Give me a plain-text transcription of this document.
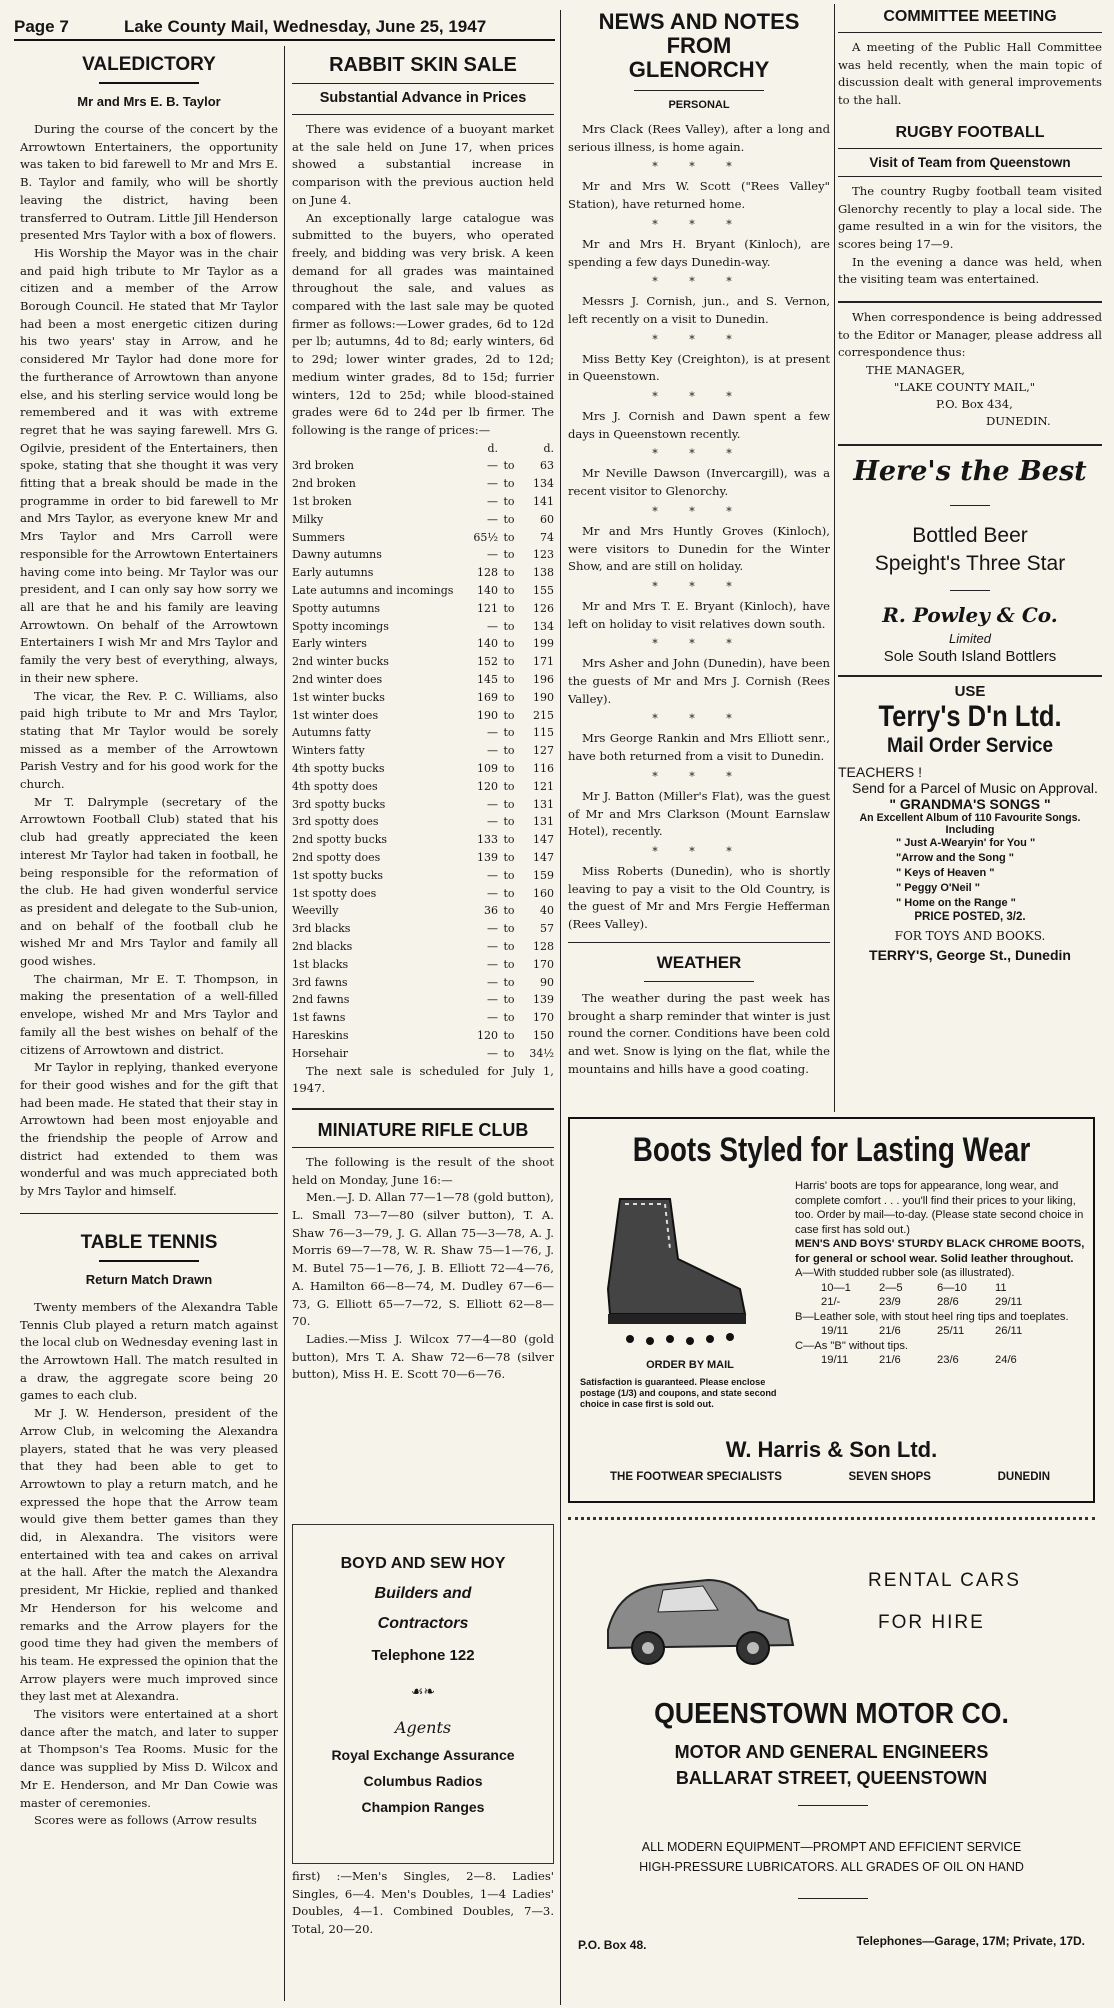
Page 7	Lake County Mail, Wednesday, June 25, 1947
VALEDICTORY
Mr and Mrs E. B. Taylor

During the course of the concert by the Arrowtown Entertainers, the opportunity was taken to bid farewell to Mr and Mrs E. B. Taylor and family, who will be shortly leaving the district, having been transferred to Outram. Little Jill Henderson presented Mrs Taylor with a box of flowers.

His Worship the Mayor was in the chair and paid high tribute to Mr Taylor as a citizen and a member of the Arrow Borough Council. He stated that Mr Taylor had been a most energetic citizen during his two years' stay in Arrow, and he considered Mr Taylor had done more for the furtherance of Arrowtown than anyone else, and his sterling service would long be remembered and it was with extreme regret that he was saying farewell. Mrs G. Ogilvie, president of the Entertainers, then spoke, stating that she thought it was very fitting that a break should be made in the programme in order to bid farewell to Mr and Mrs Taylor, as everyone knew Mr and Mrs Taylor and Mrs Carroll were responsible for the Arrowtown Entertainers having come into being. Mr Taylor was our president, and I can only say how sorry we all are that he and his family are leaving Arrowtown. On behalf of the Arrowtown Entertainers I wish Mr and Mrs Taylor and family the very best of everything, always, in their new sphere.

The vicar, the Rev. P. C. Williams, also paid high tribute to Mr and Mrs Taylor, stating that Mr Taylor would be sorely missed as a member of the Arrowtown Parish Vestry and for his good work for the church.

Mr T. Dalrymple (secretary of the Arrowtown Football Club) stated that his club had greatly appreciated the keen interest Mr Taylor had taken in football, he being responsible for the reformation of the club. He had given wonderful service as president and delegate to the Sub-union, and on behalf of the football club he wished Mr and Mrs Taylor and family all good wishes.

The chairman, Mr E. T. Thompson, in making the presentation of a well-filled envelope, wished Mr and Mrs Taylor and family all the best wishes on behalf of the citizens of Arrowtown and district.

Mr Taylor in replying, thanked everyone for their good wishes and for the gift that had been made. He stated that their stay in Arrowtown had been most enjoyable and the friendship the people of Arrow and district had extended to them was wonderful and was much appreciated both by Mrs Taylor and himself.

TABLE TENNIS
Return Match Drawn

Twenty members of the Alexandra Table Tennis Club played a return match against the local club on Wednesday evening last in the Arrowtown Hall. The match resulted in a draw, the aggregate score being 20 games to each club.

Mr J. W. Henderson, president of the Arrow Club, in welcoming the Alexandra players, stated that he was very pleased that they had been able to get to Arrowtown to play a return match, and he expressed the hope that the Arrow team would give them better games than they did, in Alexandra. The visitors were entertained with tea and cakes on arrival at the hall. After the match the Alexandra president, Mr Hickie, replied and thanked Mr Henderson for his welcome and remarks and the Arrow players for the good time they had given the members of his team. He expressed the opinion that the Arrow players were much improved since they last met at Alexandra.

The visitors were entertained at a short dance after the match, and later to supper at Thompson's Tea Rooms. Music for the dance was supplied by Miss D. Wilcox and Mr E. Henderson, and Mr Dan Cowie was master of ceremonies.

Scores were as follows (Arrow results

RABBIT SKIN SALE
Substantial Advance in Prices

There was evidence of a buoyant market at the sale held on June 17, when prices showed a substantial increase in comparison with the previous auction held on June 4.

An exceptionally large catalogue was submitted to the buyers, who operated freely, and bidding was very brisk. A keen demand for all grades was maintained throughout the sale, and values as compared with the last sale may be quoted firmer as follows:—Lower grades, 6d to 12d per lb; autumns, 4d to 8d; early winters, 6d to 29d; lower winter grades, 2d to 12d; medium winter grades, 8d to 15d; furrier winters, 12d to 25d; while blood-stained grades were 6d to 24d per lb firmer. The following is the range of prices:—

	d.		d.
3rd broken	—	to	63
2nd broken	—	to	134
1st broken	—	to	141
Milky	—	to	60
Summers	65½	to	74
Dawny autumns	—	to	123
Early autumns	128	to	138
Late autumns and incomings	140	to	155
Spotty autumns	121	to	126
Spotty incomings	—	to	134
Early winters	140	to	199
2nd winter bucks	152	to	171
2nd winter does	145	to	196
1st winter bucks	169	to	190
1st winter does	190	to	215
Autumns fatty	—	to	115
Winters fatty	—	to	127
4th spotty bucks	109	to	116
4th spotty does	120	to	121
3rd spotty bucks	—	to	131
3rd spotty does	—	to	131
2nd spotty bucks	133	to	147
2nd spotty does	139	to	147
1st spotty bucks	—	to	159
1st spotty does	—	to	160
Weevilly	36	to	40
3rd blacks	—	to	57
2nd blacks	—	to	128
1st blacks	—	to	170
3rd fawns	—	to	90
2nd fawns	—	to	139
1st fawns	—	to	170
Hareskins	120	to	150
Horsehair	—	to	34½

The next sale is scheduled for July 1, 1947.

MINIATURE RIFLE CLUB

The following is the result of the shoot held on Monday, June 16:—

Men.—J. D. Allan 77—1—78 (gold button), L. Small 73—7—80 (silver button), T. A. Shaw 76—3—79, J. G. Allan 75—3—78, A. J. Morris 69—7—78, W. R. Shaw 75—1—76, J. M. Butel 75—1—76, J. B. Elliott 72—4—76, A. Hamilton 66—8—74, M. Dudley 67—6—73, G. Elliott 65—7—72, S. Elliott 62—8—70.

Ladies.—Miss J. Wilcox 77—4—80 (gold button), Mrs T. A. Shaw 72—6—78 (silver button), Miss H. E. Scott 70—6—76.

BOYD AND SEW HOY
Builders and
Contractors
Telephone 122
☙❧
Agents
Royal Exchange Assurance
Columbus Radios
Champion Ranges

first) :—Men's Singles, 2—8. Ladies' Singles, 6—4. Men's Doubles, 1—4 Ladies' Doubles, 4—1. Combined Doubles, 7—3. Total, 20—20.

NEWS AND NOTES
FROM
GLENORCHY
PERSONAL

Mrs Clack (Rees Valley), after a long and serious illness, is home again.

* * *

Mr and Mrs W. Scott ("Rees Valley" Station), have returned home.

* * *

Mr and Mrs H. Bryant (Kinloch), are spending a few days Dunedin-way.

* * *

Messrs J. Cornish, jun., and S. Vernon, left recently on a visit to Dunedin.

* * *

Miss Betty Key (Creighton), is at present in Queenstown.

* * *

Mrs J. Cornish and Dawn spent a few days in Queenstown recently.

* * *

Mr Neville Dawson (Invercargill), was a recent visitor to Glenorchy.

* * *

Mr and Mrs Huntly Groves (Kinloch), were visitors to Dunedin for the Winter Show, and are still on holiday.

* * *

Mr and Mrs T. E. Bryant (Kinloch), have left on holiday to visit relatives down south.

* * *

Mrs Asher and John (Dunedin), have been the guests of Mr and Mrs J. Cornish (Rees Valley).

* * *

Mrs George Rankin and Mrs Elliott senr., have both returned from a visit to Dunedin.

* * *

Mr J. Batton (Miller's Flat), was the guest of Mr and Mrs Clarkson (Mount Earnslaw Hotel), recently.

* * *

Miss Roberts (Dunedin), who is shortly leaving to pay a visit to the Old Country, is the guest of Mr and Mrs Fergie Hefferman (Rees Valley).

WEATHER

The weather during the past week has brought a sharp reminder that winter is just round the corner. Conditions have been cold and wet. Snow is lying on the flat, while the mountains and hills have a good coating.

COMMITTEE MEETING

A meeting of the Public Hall Committee was held recently, when the main topic of discussion dealt with general improvements to the hall.

RUGBY FOOTBALL
Visit of Team from Queenstown

The country Rugby football team visited Glenorchy recently to play a local side. The game resulted in a win for the visitors, the scores being 17—9.

In the evening a dance was held, when the visiting team was entertained.

When correspondence is being addressed to the Editor or Manager, please address all correspondence thus:

THE MANAGER,
"LAKE COUNTY MAIL,"
P.O. Box 434,
DUNEDIN.
Here's the Best
Bottled Beer
Speight's Three Star
R. Powley & Co.
Limited
Sole South Island Bottlers
USE
Terry's D'n Ltd.
Mail Order Service
TEACHERS !
Send for a Parcel of Music on Approval.
" GRANDMA'S SONGS "
An Excellent Album of 110 Favourite Songs.
Including
" Just A-Wearyin' for You "
"Arrow and the Song "
" Keys of Heaven "
" Peggy O'Neil "
" Home on the Range "
PRICE POSTED, 3/2.
FOR TOYS AND BOOKS.
TERRY'S, George St., Dunedin
Boots Styled for Lasting Wear
Harris' boots are tops for appearance, long wear, and complete comfort . . . you'll find their prices to your liking, too. Order by mail—to-day. (Please state second choice in case first has sold out.)
MEN'S AND BOYS' STURDY BLACK CHROME BOOTS, for general or school wear. Solid leather throughout.
A—With studded rubber sole (as illustrated).
10—1	2—5	6—10	11
21/-	23/9	28/6	29/11
B—Leather sole, with stout heel ring tips and toeplates.
19/11	21/6	25/11	26/11
C—As "B" without tips.
19/11	21/6	23/6	24/6
ORDER BY MAIL
Satisfaction is guaranteed. Please enclose postage (1/3) and coupons, and state second choice in case first is sold out.
W. Harris & Son Ltd.
THE FOOTWEAR SPECIALISTS	SEVEN SHOPS	DUNEDIN
RENTAL CARS
FOR HIRE
QUEENSTOWN MOTOR CO.
MOTOR AND GENERAL ENGINEERS
BALLARAT STREET, QUEENSTOWN
ALL MODERN EQUIPMENT—PROMPT AND EFFICIENT SERVICE
HIGH-PRESSURE LUBRICATORS. ALL GRADES OF OIL ON HAND
P.O. Box 48.	Telephones—Garage, 17M; Private, 17D.
